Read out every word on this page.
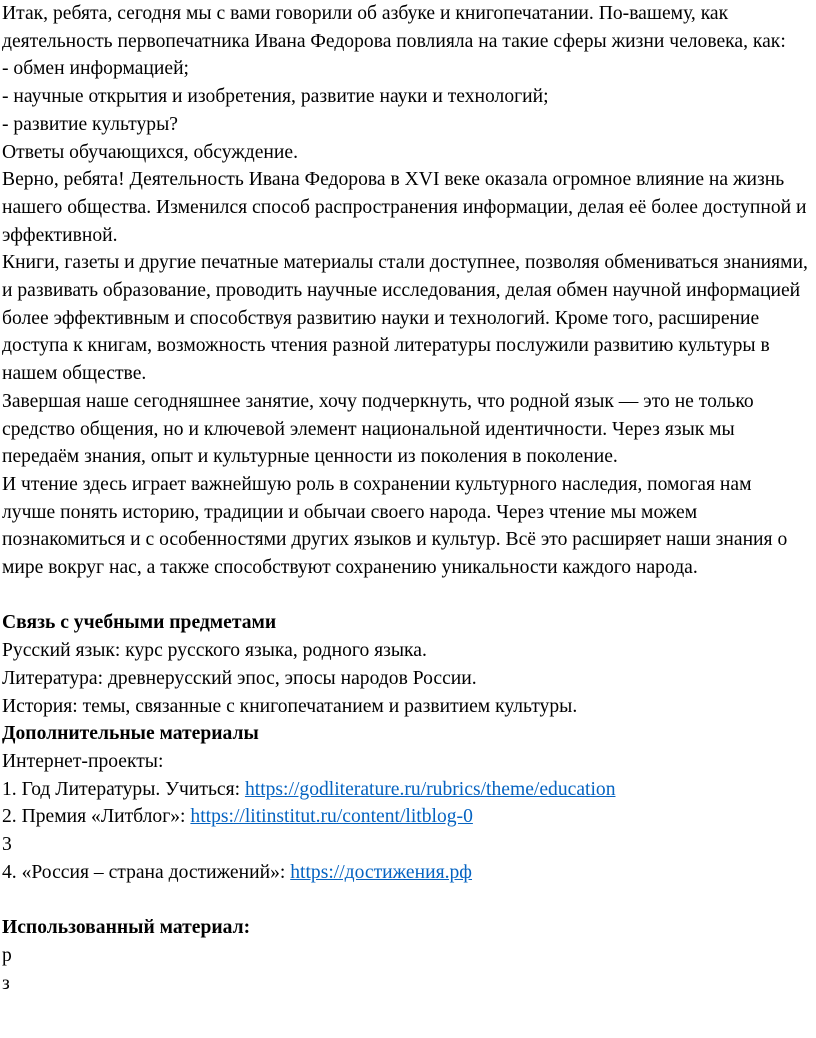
Итак, ребята, сегодня мы с вами говорили об азбуке и книгопечатании. По-вашему, как деятельность первопечатника Ивана Федорова повлияла на такие сферы жизни человека, как:

- обмен информацией;

- научные открытия и изобретения, развитие науки и технологий;

- развитие культуры?

Ответы обучающихся, обсуждение.

Верно, ребята! Деятельность Ивана Федорова в XVI веке оказала огромное влияние на жизнь нашего общества. Изменился способ распространения информации, делая её более доступной и эффективной.

Книги, газеты и другие печатные материалы стали доступнее, позволяя обмениваться знаниями, и развивать образование, проводить научные исследования, делая обмен научной информацией более эффективным и способствуя развитию науки и технологий. Кроме того, расширение доступа к книгам, возможность чтения разной литературы послужили развитию культуры в нашем обществе.

Завершая наше сегодняшнее занятие, хочу подчеркнуть, что родной язык — это не только средство общения, но и ключевой элемент национальной идентичности. Через язык мы передаём знания, опыт и культурные ценности из поколения в поколение.

И чтение здесь играет важнейшую роль в сохранении культурного наследия, помогая нам лучше понять историю, традиции и обычаи своего народа. Через чтение мы можем познакомиться и с особенностями других языков и культур. Всё это расширяет наши знания о мире вокруг нас, а также способствуют сохранению уникальности каждого народа.

Связь с учебными предметами

Русский язык: курс русского языка, родного языка.

Литература: древнерусский эпос, эпосы народов России.

История: темы, связанные с книгопечатанием и развитием культуры.

Дополнительные материалы

Интернет-проекты:

1. Год Литературы. Учиться: https://godliterature.ru/rubrics/theme/education

2. Премия «Литблог»: https://litinstitut.ru/content/litblog-0

3

4. «Россия – страна достижений»: https://достижения.рф

Использованный материал:

р

з
